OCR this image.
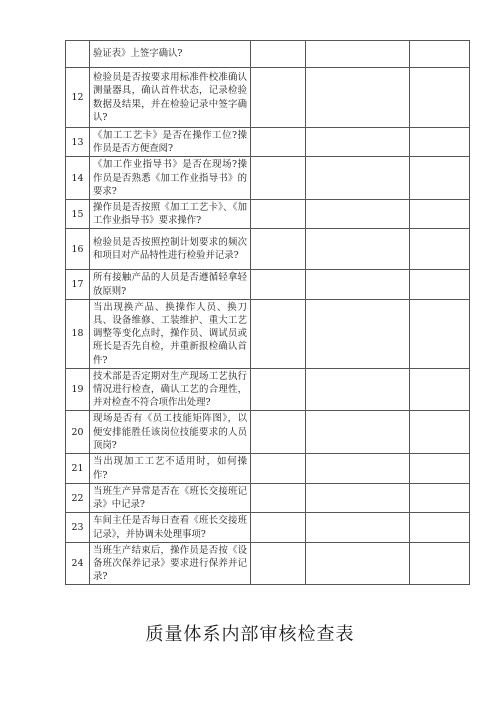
	验证表》上签字确认?			
12	检验员是否按要求用标准件校准确认测量器具，确认首件状态，记录检验数据及结果，并在检验记录中签字确认?			
13	《加工工艺卡》是否在操作工位?操作员是否方便查阅?			
14	《加工作业指导书》是否在现场?操作员是否熟悉《加工作业指导书》的要求?			
15	操作员是否按照《加工工艺卡》、《加工作业指导书》要求操作?			
16	检验员是否按照控制计划要求的频次和项目对产品特性进行检验并记录?			
17	所有接触产品的人员是否遵循轻拿轻放原则?			
18	当出现换产品、换操作人员、换刀具、设备维修、工装维护、重大工艺调整等变化点时，操作员、调试员或班长是否先自检，并重新报检确认首件?			
19	技术部是否定期对生产现场工艺执行情况进行检查，确认工艺的合理性，并对检查不符合项作出处理?			
20	现场是否有《员工技能矩阵图》，以便安排能胜任该岗位技能要求的人员顶岗?			
21	当出现加工工艺不适用时，如何操作?			
22	当班生产异常是否在《班长交接班记录》中记录?			
23	车间主任是否每日查看《班长交接班记录》，并协调未处理事项?			
24	当班生产结束后，操作员是否按《设备班次保养记录》要求进行保养并记录?			
质量体系内部审核检查表
